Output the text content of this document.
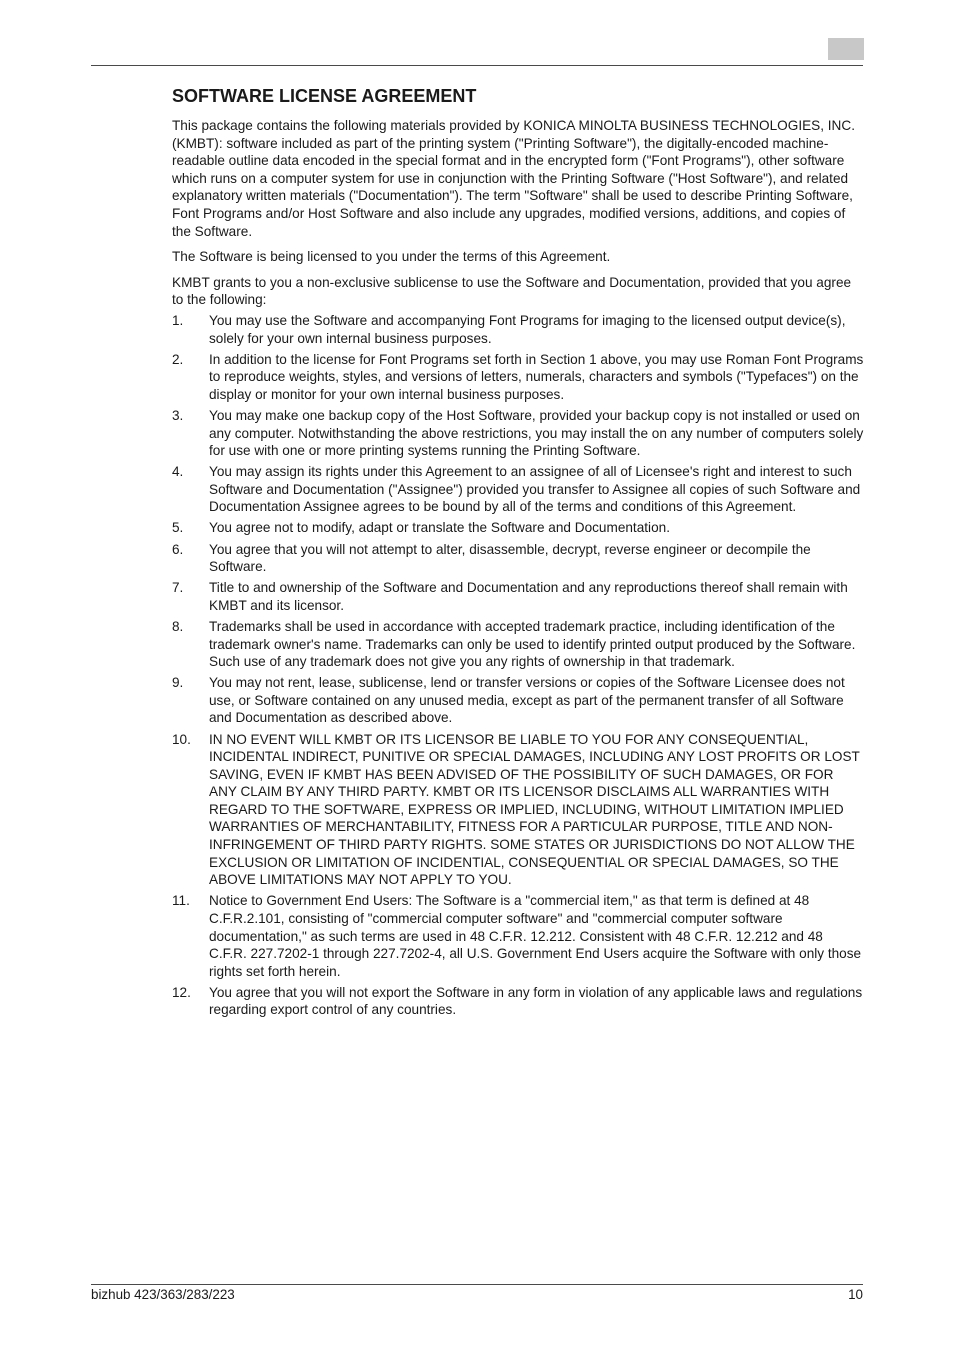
SOFTWARE LICENSE AGREEMENT

This package contains the following materials provided by KONICA MINOLTA BUSINESS TECHNOLOGIES, INC. (KMBT): software included as part of the printing system ("Printing Software"), the digitally-encoded machine-readable outline data encoded in the special format and in the encrypted form ("Font Programs"), other software which runs on a computer system for use in conjunction with the Printing Software ("Host Software"), and related explanatory written materials ("Documentation"). The term "Software" shall be used to describe Printing Software, Font Programs and/or Host Software and also include any upgrades, modified versions, additions, and copies of the Software.

The Software is being licensed to you under the terms of this Agreement.

KMBT grants to you a non-exclusive sublicense to use the Software and Documentation, provided that you agree to the following:

1. You may use the Software and accompanying Font Programs for imaging to the licensed output device(s), solely for your own internal business purposes.
2. In addition to the license for Font Programs set forth in Section 1 above, you may use Roman Font Programs to reproduce weights, styles, and versions of letters, numerals, characters and symbols ("Typefaces") on the display or monitor for your own internal business purposes.
3. You may make one backup copy of the Host Software, provided your backup copy is not installed or used on any computer. Notwithstanding the above restrictions, you may install the on any number of computers solely for use with one or more printing systems running the Printing Software.
4. You may assign its rights under this Agreement to an assignee of all of Licensee's right and interest to such Software and Documentation ("Assignee") provided you transfer to Assignee all copies of such Software and Documentation Assignee agrees to be bound by all of the terms and conditions of this Agreement.
5. You agree not to modify, adapt or translate the Software and Documentation.
6. You agree that you will not attempt to alter, disassemble, decrypt, reverse engineer or decompile the Software.
7. Title to and ownership of the Software and Documentation and any reproductions thereof shall remain with KMBT and its licensor.
8. Trademarks shall be used in accordance with accepted trademark practice, including identification of the trademark owner's name. Trademarks can only be used to identify printed output produced by the Software. Such use of any trademark does not give you any rights of ownership in that trademark.
9. You may not rent, lease, sublicense, lend or transfer versions or copies of the Software Licensee does not use, or Software contained on any unused media, except as part of the permanent transfer of all Software and Documentation as described above.
10. IN NO EVENT WILL KMBT OR ITS LICENSOR BE LIABLE TO YOU FOR ANY CONSEQUENTIAL, INCIDENTAL INDIRECT, PUNITIVE OR SPECIAL DAMAGES, INCLUDING ANY LOST PROFITS OR LOST SAVING, EVEN IF KMBT HAS BEEN ADVISED OF THE POSSIBILITY OF SUCH DAMAGES, OR FOR ANY CLAIM BY ANY THIRD PARTY. KMBT OR ITS LICENSOR DISCLAIMS ALL WARRANTIES WITH REGARD TO THE SOFTWARE, EXPRESS OR IMPLIED, INCLUDING, WITHOUT LIMITATION IMPLIED WARRANTIES OF MERCHANTABILITY, FITNESS FOR A PARTICULAR PURPOSE, TITLE AND NON-INFRINGEMENT OF THIRD PARTY RIGHTS. SOME STATES OR JURISDICTIONS DO NOT ALLOW THE EXCLUSION OR LIMITATION OF INCIDENTIAL, CONSEQUENTIAL OR SPECIAL DAMAGES, SO THE ABOVE LIMITATIONS MAY NOT APPLY TO YOU.
11. Notice to Government End Users: The Software is a "commercial item," as that term is defined at 48 C.F.R.2.101, consisting of "commercial computer software" and "commercial computer software documentation," as such terms are used in 48 C.F.R. 12.212. Consistent with 48 C.F.R. 12.212 and 48 C.F.R. 227.7202-1 through 227.7202-4, all U.S. Government End Users acquire the Software with only those rights set forth herein.
12. You agree that you will not export the Software in any form in violation of any applicable laws and regulations regarding export control of any countries.
bizhub 423/363/283/223	10
